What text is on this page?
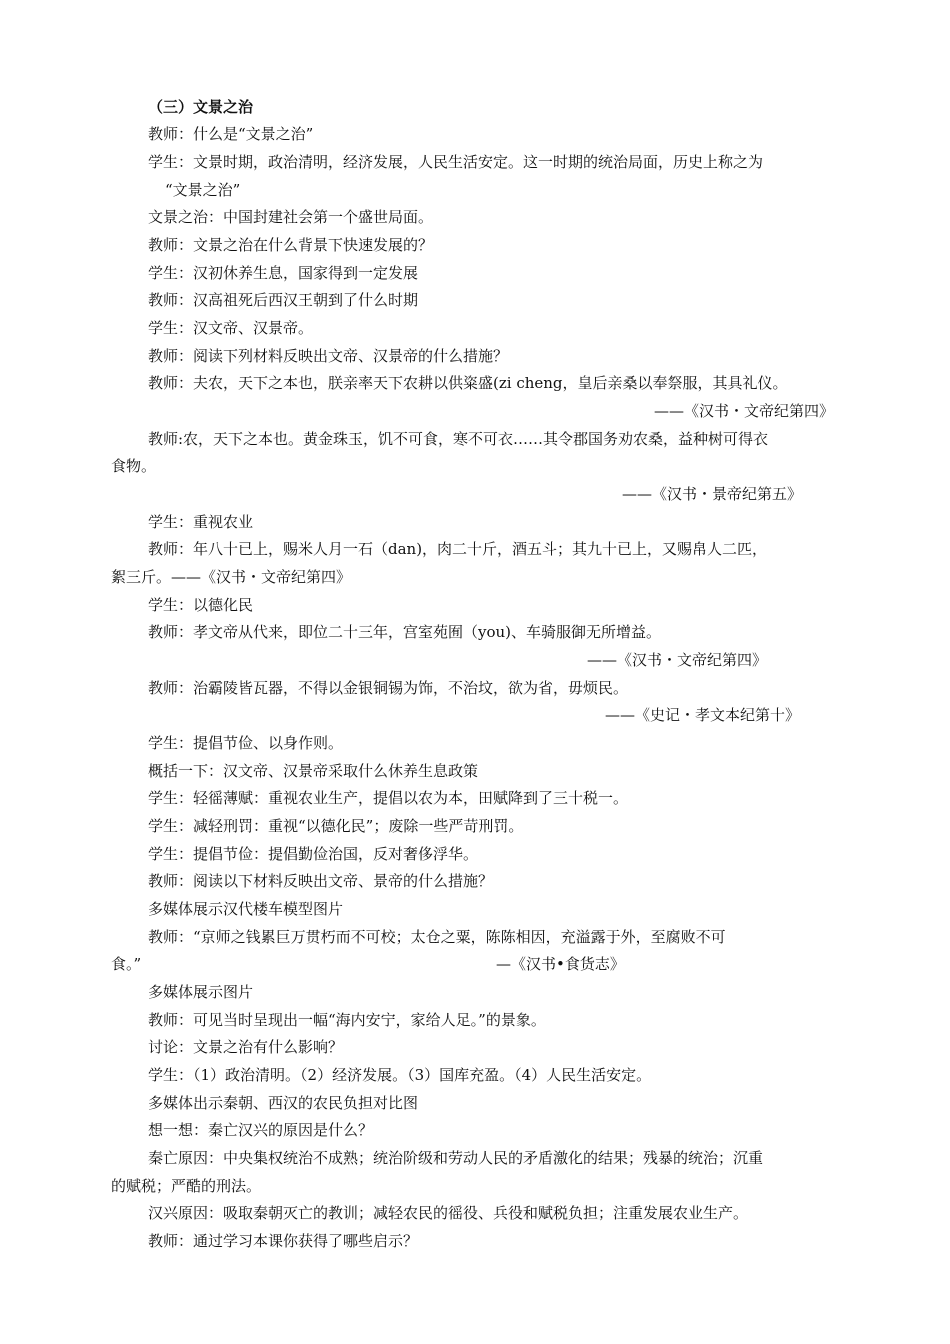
（三）文景之治
教师：什么是“文景之治”
学生：文景时期，政治清明，经济发展，人民生活安定。这一时期的统治局面，历史上称之为
“文景之治”
文景之治：中国封建社会第一个盛世局面。
教师：文景之治在什么背景下快速发展的？
学生：汉初休养生息，国家得到一定发展
教师：汉高祖死后西汉王朝到了什么时期
学生：汉文帝、汉景帝。
教师：阅读下列材料反映出文帝、汉景帝的什么措施？
教师：夫农，天下之本也，朕亲率天下农耕以供粢盛(zi cheng，皇后亲桑以奉祭服，其具礼仪。
——《汉书・文帝纪第四》
教师:农，天下之本也。黄金珠玉，饥不可食，寒不可衣……其令郡国务劝农桑，益种树可得衣
食物。
——《汉书・景帝纪第五》
学生：重视农业
教师：年八十已上，赐米人月一石（dan)，肉二十斤，酒五斗；其九十已上，又赐帛人二匹，
絮三斤。——《汉书・文帝纪第四》
学生：以德化民
教师：孝文帝从代来，即位二十三年，宫室苑囿（you)、车骑服御无所增益。
——《汉书・文帝纪第四》
教师：治霸陵皆瓦器，不得以金银铜锡为饰，不治坟，欲为省，毋烦民。
——《史记・孝文本纪第十》
学生：提倡节俭、以身作则。
概括一下：汉文帝、汉景帝采取什么休养生息政策
学生：轻徭薄赋：重视农业生产，提倡以农为本，田赋降到了三十税一。
学生：减轻刑罚：重视“以德化民”；废除一些严苛刑罚。
学生：提倡节俭：提倡勤俭治国，反对奢侈浮华。
教师：阅读以下材料反映出文帝、景帝的什么措施？
多媒体展示汉代楼车模型图片
教师：“京师之钱累巨万贯朽而不可校；太仓之粟，陈陈相因，充溢露于外，至腐败不可
食。”	—《汉书•食货志》
多媒体展示图片
教师：可见当时呈现出一幅“海内安宁，家给人足。”的景象。
讨论：文景之治有什么影响？
学生：（1）政治清明。（2）经济发展。（3）国库充盈。（4）人民生活安定。
多媒体出示秦朝、西汉的农民负担对比图
想一想：秦亡汉兴的原因是什么？
秦亡原因：中央集权统治不成熟；统治阶级和劳动人民的矛盾激化的结果；残暴的统治；沉重
的赋税；严酷的刑法。
汉兴原因：吸取秦朝灭亡的教训；减轻农民的徭役、兵役和赋税负担；注重发展农业生产。
教师：通过学习本课你获得了哪些启示？
